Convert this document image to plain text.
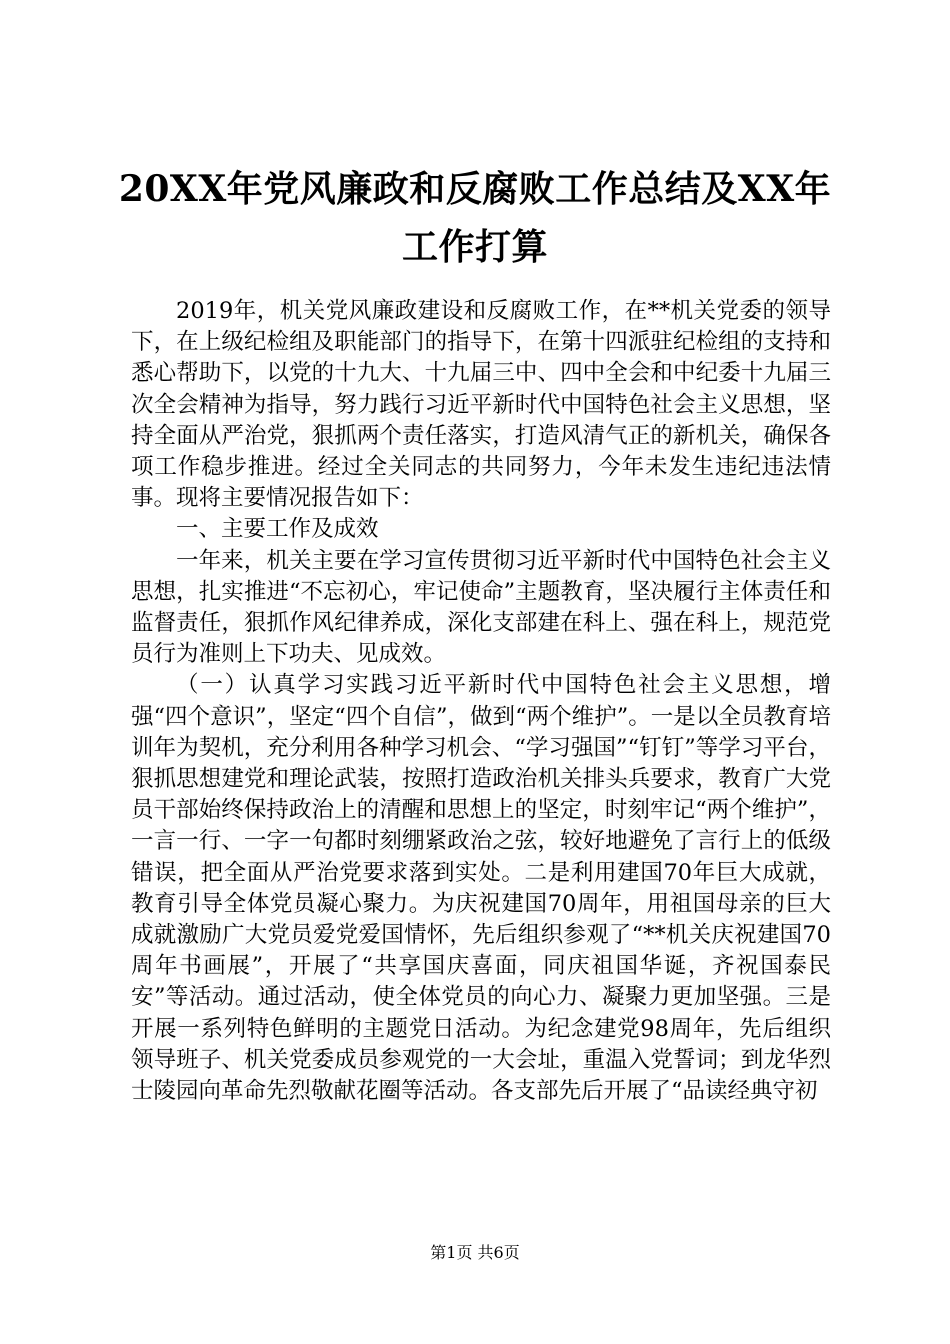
20XX年党风廉政和反腐败工作总结及XX年工作打算

2019年，机关党风廉政建设和反腐败工作，在**机关党委的领导下，在上级纪检组及职能部门的指导下，在第十四派驻纪检组的支持和悉心帮助下，以党的十九大、十九届三中、四中全会和中纪委十九届三次全会精神为指导，努力践行习近平新时代中国特色社会主义思想，坚持全面从严治党，狠抓两个责任落实，打造风清气正的新机关，确保各项工作稳步推进。经过全关同志的共同努力，今年未发生违纪违法情事。现将主要情况报告如下：

一、主要工作及成效

一年来，机关主要在学习宣传贯彻习近平新时代中国特色社会主义思想，扎实推进“不忘初心，牢记使命”主题教育，坚决履行主体责任和监督责任，狠抓作风纪律养成，深化支部建在科上、强在科上，规范党员行为准则上下功夫、见成效。

（一）认真学习实践习近平新时代中国特色社会主义思想，增强“四个意识”，坚定“四个自信”，做到“两个维护”。一是以全员教育培训年为契机，充分利用各种学习机会、“学习强国”“钉钉”等学习平台，狠抓思想建党和理论武装，按照打造政治机关排头兵要求，教育广大党员干部始终保持政治上的清醒和思想上的坚定，时刻牢记“两个维护”，一言一行、一字一句都时刻绷紧政治之弦，较好地避免了言行上的低级错误，把全面从严治党要求落到实处。二是利用建国70年巨大成就，教育引导全体党员凝心聚力。为庆祝建国70周年，用祖国母亲的巨大成就激励广大党员爱党爱国情怀，先后组织参观了“**机关庆祝建国70周年书画展”，开展了“共享国庆喜面，同庆祖国华诞，齐祝国泰民安”等活动。通过活动，使全体党员的向心力、凝聚力更加坚强。三是开展一系列特色鲜明的主题党日活动。为纪念建党98周年，先后组织领导班子、机关党委成员参观党的一大会址，重温入党誓词；到龙华烈士陵园向革命先烈敬献花圈等活动。各支部先后开展了“品读经典守初

第1页 共6页
